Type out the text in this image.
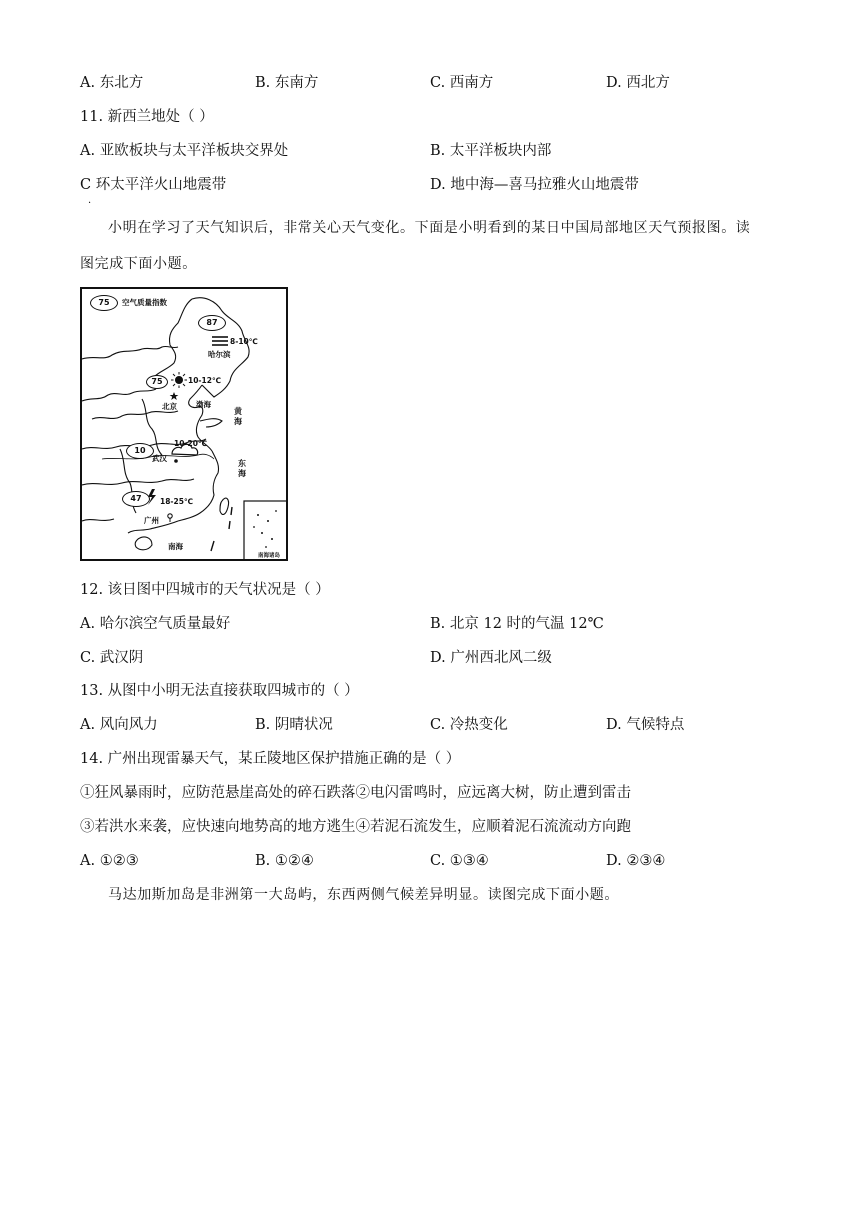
A. 东北方	B. 东南方	C. 西南方	D. 西北方
11. 新西兰地处（ ）
A. 亚欧板块与太平洋板块交界处	B. 太平洋板块内部
C 环太平洋火山地震带	D. 地中海—喜马拉雅火山地震带
·
小明在学习了天气知识后，非常关心天气变化。下面是小明看到的某日中国局部地区天气预报图。读
图完成下面小题。
75	空气质量指数
87
8-10℃
哈尔滨
75	10-12℃
北京	渤海
10
10-20℃
武汉
47	18-25℃
广州
黄海
东海
南海
南海诸岛
12. 该日图中四城市的天气状况是（ ）
A. 哈尔滨空气质量最好	B. 北京 12 时的气温 12℃
C. 武汉阴	D. 广州西北风二级
13. 从图中小明无法直接获取四城市的（ ）
A. 风向风力	B. 阴晴状况	C. 冷热变化	D. 气候特点
14. 广州出现雷暴天气，某丘陵地区保护措施正确的是（ ）
①狂风暴雨时，应防范悬崖高处的碎石跌落②电闪雷鸣时，应远离大树，防止遭到雷击
③若洪水来袭，应快速向地势高的地方逃生④若泥石流发生，应顺着泥石流流动方向跑
A. ①②③	B. ①②④	C. ①③④	D. ②③④
马达加斯加岛是非洲第一大岛屿，东西两侧气候差异明显。读图完成下面小题。
